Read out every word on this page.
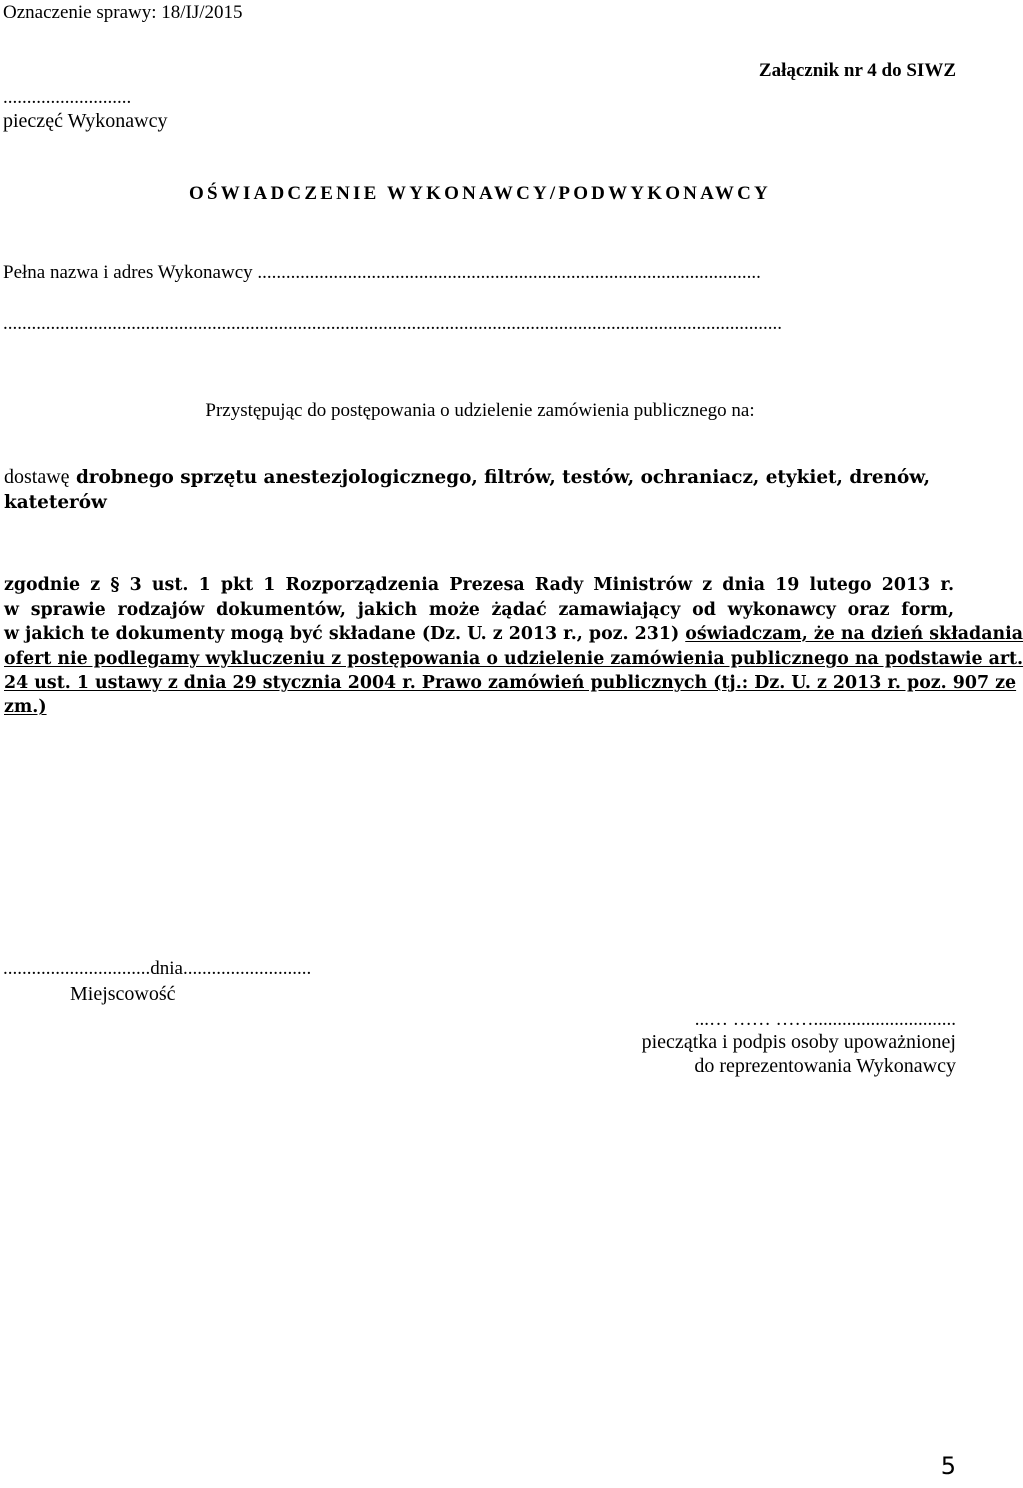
Oznaczenie sprawy: 18/IJ/2015
Załącznik nr 4 do SIWZ
...........................
pieczęć Wykonawcy
OŚWIADCZENIE WYKONAWCY/PODWYKONAWCY
Pełna nazwa i adres Wykonawcy ..........................................................................................................
....................................................................................................................................................................
Przystępując do postępowania o udzielenie zamówienia publicznego na:
dostawę drobnego sprzętu anestezjologicznego, filtrów, testów, ochraniacz, etykiet, drenów,
kateterów
zgodnie z § 3 ust. 1 pkt 1 Rozporządzenia Prezesa Rady Ministrów z dnia 19 lutego 2013 r.
w sprawie rodzajów dokumentów, jakich może żądać zamawiający od wykonawcy oraz form,
w jakich te dokumenty mogą być składane (Dz. U. z 2013 r., poz. 231) oświadczam, że na dzień składania
ofert nie podlegamy wykluczeniu z postępowania o udzielenie zamówienia publicznego na podstawie art.
24 ust. 1 ustawy z dnia 29 stycznia 2004 r. Prawo zamówień publicznych (tj.: Dz. U. z 2013 r. poz. 907 ze
zm.)
...............................dnia...........................
Miejscowość
...… …… ……..............................
pieczątka i podpis osoby upoważnionej
do reprezentowania Wykonawcy
5
